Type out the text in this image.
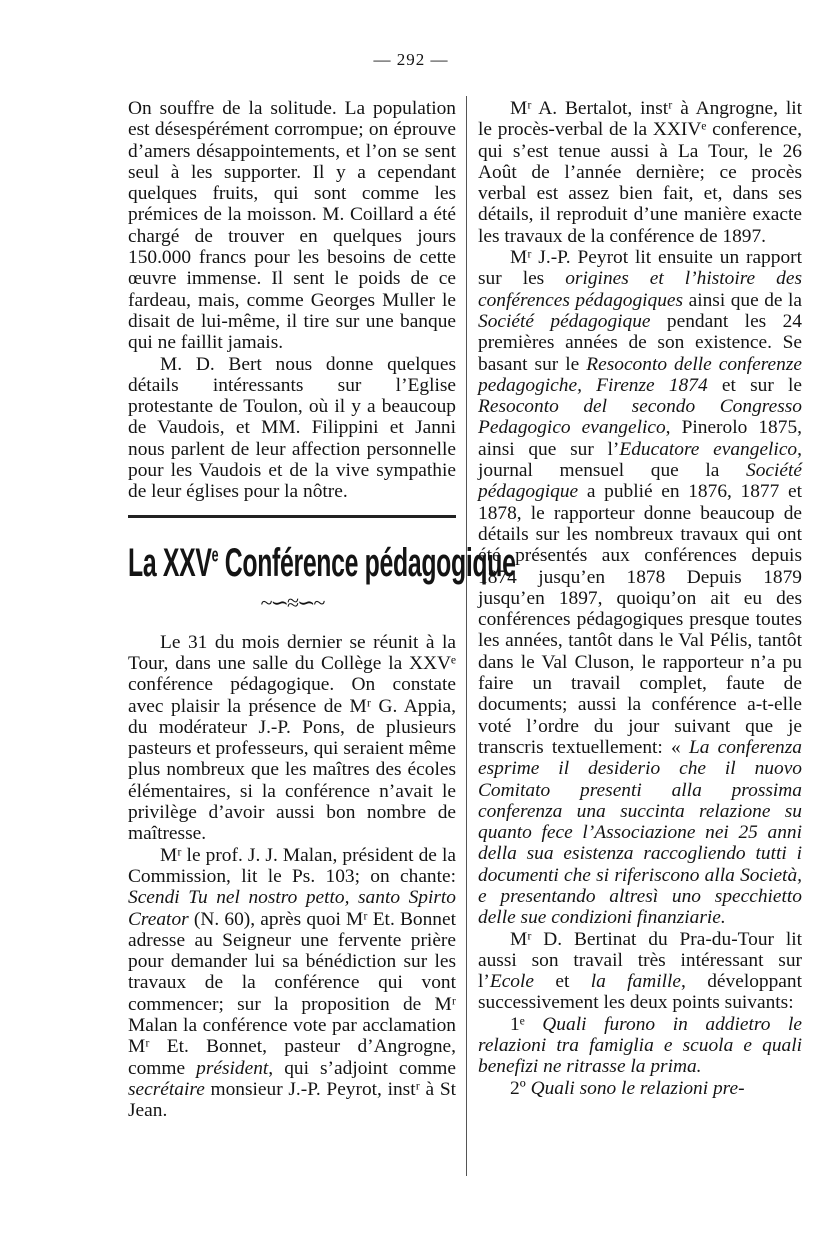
— 292 —

On souffre de la solitude. La population est désespérément corrompue; on éprouve d’amers désappointements, et l’on se sent seul à les supporter. Il y a cependant quelques fruits, qui sont comme les prémices de la moisson. M. Coillard a été chargé de trouver en quelques jours 150.000 francs pour les besoins de cette œuvre immense. Il sent le poids de ce fardeau, mais, comme Georges Muller le disait de lui-même, il tire sur une banque qui ne faillit jamais.

M. D. Bert nous donne quelques détails intéressants sur l’Eglise protestante de Toulon, où il y a beaucoup de Vaudois, et MM. Filippini et Janni nous parlent de leur affection personnelle pour les Vaudois et de la vive sympathie de leur églises pour la nôtre.

La XXVe Conférence pédagogique
~∽≈∽~

Le 31 du mois dernier se réunit à la Tour, dans une salle du Collège la XXVᵉ conférence pédagogique. On constate avec plaisir la présence de Mʳ G. Appia, du modérateur J.-P. Pons, de plusieurs pasteurs et professeurs, qui seraient même plus nombreux que les maîtres des écoles élémentaires, si la conférence n’avait le privilège d’avoir aussi bon nombre de maîtresse.

Mʳ le prof. J. J. Malan, président de la Commission, lit le Ps. 103; on chante: Scendi Tu nel nostro petto, santo Spirto Creator (N. 60), après quoi Mʳ Et. Bonnet adresse au Seigneur une fervente prière pour demander lui sa bénédiction sur les travaux de la conférence qui vont commencer; sur la proposition de Mʳ Malan la conférence vote par acclamation Mʳ Et. Bonnet, pasteur d’Angrogne, comme président, qui s’adjoint comme secrétaire monsieur J.-P. Peyrot, instʳ à St Jean.

Mʳ A. Bertalot, instʳ à Angrogne, lit le procès-verbal de la XXIVᵉ conference, qui s’est tenue aussi à La Tour, le 26 Août de l’année dernière; ce procès verbal est assez bien fait, et, dans ses détails, il reproduit d’une manière exacte les travaux de la conférence de 1897.

Mʳ J.-P. Peyrot lit ensuite un rapport sur les origines et l’histoire des conférences pédagogiques ainsi que de la Société pédagogique pendant les 24 premières années de son existence. Se basant sur le Resoconto delle conferenze pedagogiche, Firenze 1874 et sur le Resoconto del secondo Congresso Pedagogico evangelico, Pinerolo 1875, ainsi que sur l’Educatore evangelico, journal mensuel que la Société pédagogique a publié en 1876, 1877 et 1878, le rapporteur donne beaucoup de détails sur les nombreux travaux qui ont été présentés aux conférences depuis 1874 jusqu’en 1878 Depuis 1879 jusqu’en 1897, quoiqu’on ait eu des conférences pédagogiques presque toutes les années, tantôt dans le Val Pélis, tantôt dans le Val Cluson, le rapporteur n’a pu faire un travail complet, faute de documents; aussi la conférence a-t-elle voté l’ordre du jour suivant que je transcris textuellement: « La conferenza esprime il desiderio che il nuovo Comitato presenti alla prossima conferenza una succinta relazione su quanto fece l’Associazione nei 25 anni della sua esistenza raccogliendo tutti i documenti che si riferiscono alla Società, e presentando altresì uno specchietto delle sue condizioni finanziarie.

Mʳ D. Bertinat du Pra-du-Tour lit aussi son travail très intéressant sur l’Ecole et la famille, développant successivement les deux points suivants:

1ᵉ Quali furono in addietro le relazioni tra famiglia e scuola e quali benefizi ne ritrasse la prima.

2º Quali sono le relazioni pre-
